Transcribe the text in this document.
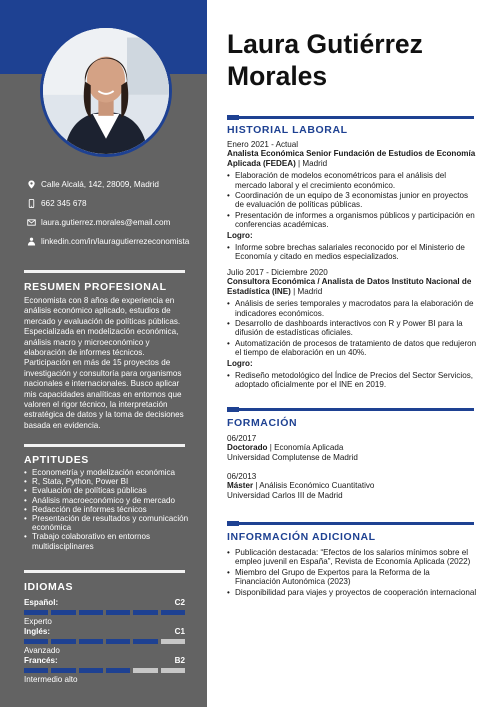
Calle Alcalá, 142, 28009, Madrid
662 345 678
laura.gutierrez.morales@email.com
linkedin.com/in/lauragutierrezeconomista
RESUMEN PROFESIONAL
Economista con 8 años de experiencia en análisis económico aplicado, estudios de mercado y evaluación de políticas públicas. Especializada en modelización económica, análisis macro y microeconómico y elaboración de informes técnicos. Participación en más de 15 proyectos de investigación y consultoría para organismos nacionales e internacionales. Busco aplicar mis capacidades analíticas en entornos que valoren el rigor técnico, la interpretación estratégica de datos y la toma de decisiones basada en evidencia.
APTITUDES
• Econometría y modelización económica
• R, Stata, Python, Power BI
• Evaluación de políticas públicas
• Análisis macroeconómico y de mercado
• Redacción de informes técnicos
• Presentación de resultados y comunicación económica
• Trabajo colaborativo en entornos multidisciplinares
IDIOMAS
Español:	C2
Experto
Inglés:	C1
Avanzado
Francés:	B2
Intermedio alto
Laura Gutiérrez Morales
HISTORIAL LABORAL
Enero 2021 - Actual
Analista Económica Senior Fundación de Estudios de Economía Aplicada (FEDEA) | Madrid
• Elaboración de modelos econométricos para el análisis del mercado laboral y el crecimiento económico.
• Coordinación de un equipo de 3 economistas junior en proyectos de evaluación de políticas públicas.
• Presentación de informes a organismos públicos y participación en conferencias académicas.
Logro:
• Informe sobre brechas salariales reconocido por el Ministerio de Economía y citado en medios especializados.
Julio 2017 - Diciembre 2020
Consultora Económica / Analista de Datos Instituto Nacional de Estadística (INE) | Madrid
• Análisis de series temporales y macrodatos para la elaboración de indicadores económicos.
• Desarrollo de dashboards interactivos con R y Power BI para la difusión de estadísticas oficiales.
• Automatización de procesos de tratamiento de datos que redujeron el tiempo de elaboración en un 40%.
Logro:
• Rediseño metodológico del Índice de Precios del Sector Servicios, adoptado oficialmente por el INE en 2019.
FORMACIÓN
06/2017
Doctorado | Economía Aplicada
Universidad Complutense de Madrid
06/2013
Máster | Análisis Económico Cuantitativo
Universidad Carlos III de Madrid
INFORMACIÓN ADICIONAL
• Publicación destacada: “Efectos de los salarios mínimos sobre el empleo juvenil en España”, Revista de Economía Aplicada (2022)
• Miembro del Grupo de Expertos para la Reforma de la Financiación Autonómica (2023)
• Disponibilidad para viajes y proyectos de cooperación internacional
